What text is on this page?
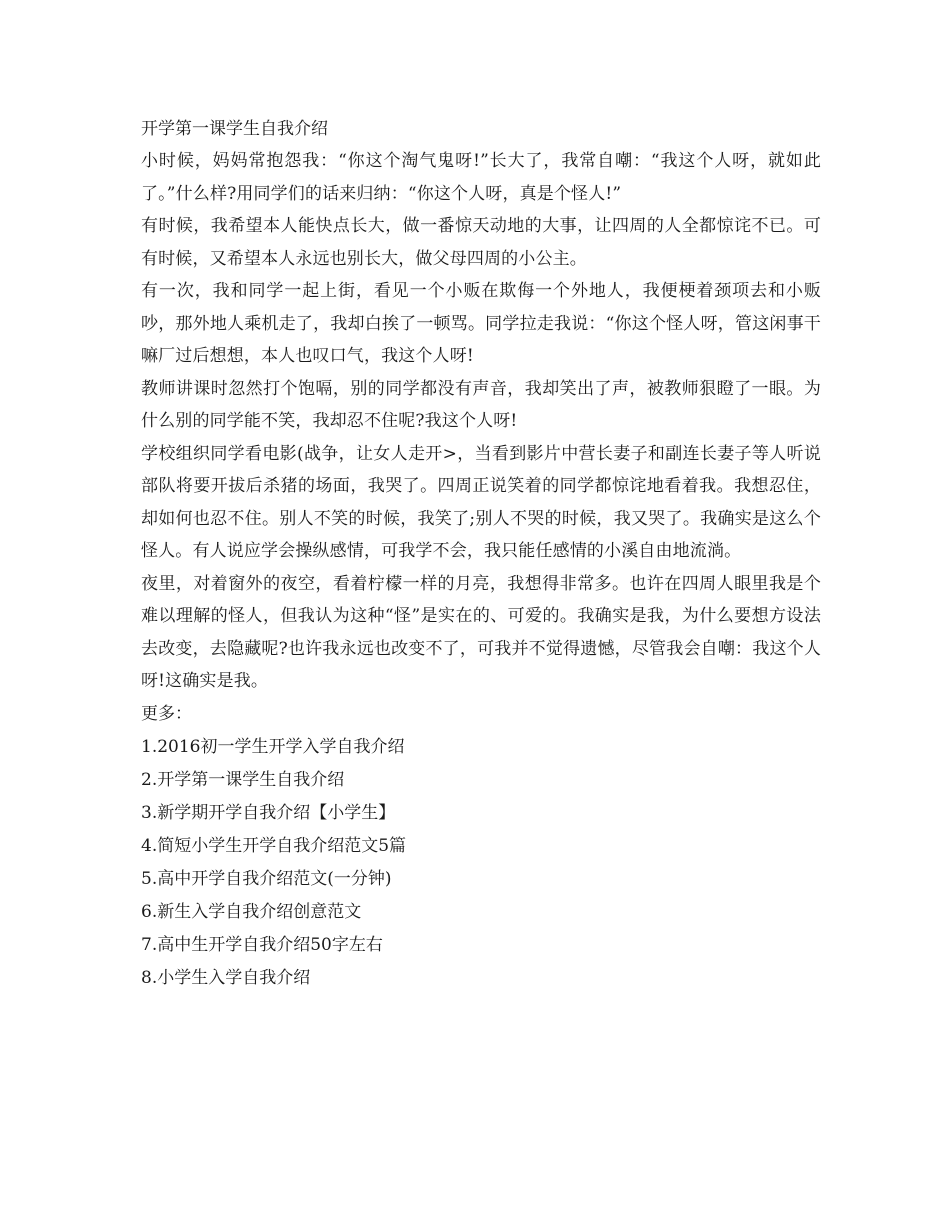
开学第一课学生自我介绍

小时候，妈妈常抱怨我：“你这个淘气鬼呀!”长大了，我常自嘲：“我这个人呀，就如此了。”什么样?用同学们的话来归纳：“你这个人呀，真是个怪人!”

有时候，我希望本人能快点长大，做一番惊天动地的大事，让四周的人全都惊诧不已。可有时候，又希望本人永远也别长大，做父母四周的小公主。

有一次，我和同学一起上街，看见一个小贩在欺侮一个外地人，我便梗着颈项去和小贩吵，那外地人乘机走了，我却白挨了一顿骂。同学拉走我说：“你这个怪人呀，管这闲事干嘛厂过后想想，本人也叹口气，我这个人呀!

教师讲课时忽然打个饱嗝，别的同学都没有声音，我却笑出了声，被教师狠瞪了一眼。为什么别的同学能不笑，我却忍不住呢?我这个人呀!

学校组织同学看电影(战争，让女人走开>，当看到影片中营长妻子和副连长妻子等人听说部队将要开拔后杀猪的场面，我哭了。四周正说笑着的同学都惊诧地看着我。我想忍住，却如何也忍不住。别人不笑的时候，我笑了;别人不哭的时候，我又哭了。我确实是这么个怪人。有人说应学会操纵感情，可我学不会，我只能任感情的小溪自由地流淌。

夜里，对着窗外的夜空，看着柠檬一样的月亮，我想得非常多。也许在四周人眼里我是个难以理解的怪人，但我认为这种“怪”是实在的、可爱的。我确实是我，为什么要想方设法去改变，去隐藏呢?也许我永远也改变不了，可我并不觉得遗憾，尽管我会自嘲：我这个人呀!这确实是我。

更多：

1.2016初一学生开学入学自我介绍
2.开学第一课学生自我介绍
3.新学期开学自我介绍【小学生】
4.简短小学生开学自我介绍范文5篇
5.高中开学自我介绍范文(一分钟)
6.新生入学自我介绍创意范文
7.高中生开学自我介绍50字左右
8.小学生入学自我介绍
